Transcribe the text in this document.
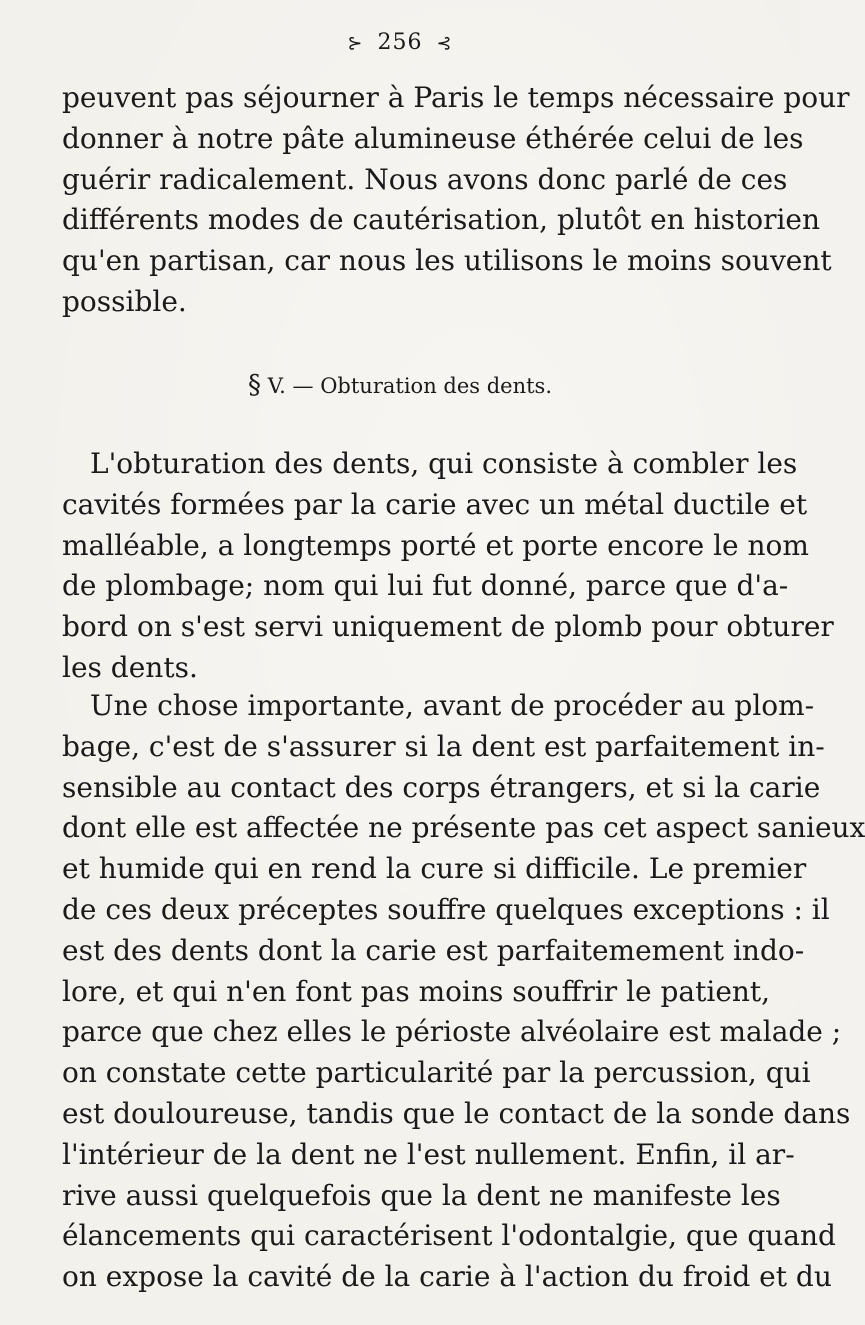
⊱ 256 ⊰
peuvent pas séjourner à Paris le temps nécessaire pour
donner à notre pâte alumineuse éthérée celui de les
guérir radicalement. Nous avons donc parlé de ces
différents modes de cautérisation, plutôt en historien
qu'en partisan, car nous les utilisons le moins souvent
possible.
§ V. — Obturation des dents.
L'obturation des dents, qui consiste à combler les
cavités formées par la carie avec un métal ductile et
malléable, a longtemps porté et porte encore le nom
de plombage; nom qui lui fut donné, parce que d'a-
bord on s'est servi uniquement de plomb pour obturer
les dents.
Une chose importante, avant de procéder au plom-
bage, c'est de s'assurer si la dent est parfaitement in-
sensible au contact des corps étrangers, et si la carie
dont elle est affectée ne présente pas cet aspect sanieux
et humide qui en rend la cure si difficile. Le premier
de ces deux préceptes souffre quelques exceptions : il
est des dents dont la carie est parfaitemement indo-
lore, et qui n'en font pas moins souffrir le patient,
parce que chez elles le périoste alvéolaire est malade ;
on constate cette particularité par la percussion, qui
est douloureuse, tandis que le contact de la sonde dans
l'intérieur de la dent ne l'est nullement. Enfin, il ar-
rive aussi quelquefois que la dent ne manifeste les
élancements qui caractérisent l'odontalgie, que quand
on expose la cavité de la carie à l'action du froid et du
